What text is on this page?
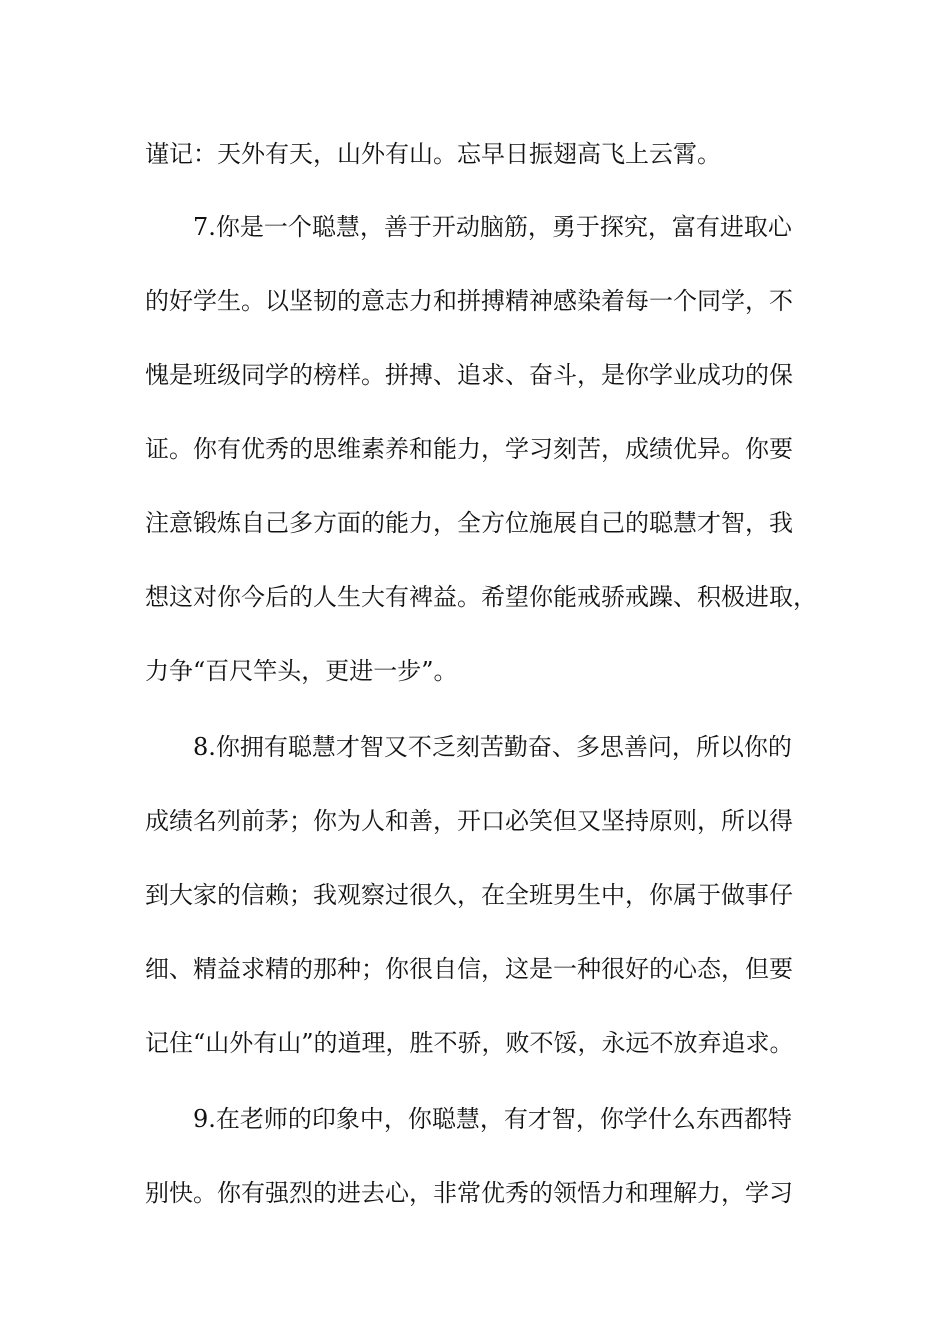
谨记：天外有天，山外有山。忘早日振翅高飞上云霄。
7.你是一个聪慧，善于开动脑筋，勇于探究，富有进取心
的好学生。以坚韧的意志力和拼搏精神感染着每一个同学，不
愧是班级同学的榜样。拼搏、追求、奋斗，是你学业成功的保
证。你有优秀的思维素养和能力，学习刻苦，成绩优异。你要
注意锻炼自己多方面的能力，全方位施展自己的聪慧才智，我
想这对你今后的人生大有裨益。希望你能戒骄戒躁、积极进取，
力争“百尺竿头，更进一步”。
8.你拥有聪慧才智又不乏刻苦勤奋、多思善问，所以你的
成绩名列前茅；你为人和善，开口必笑但又坚持原则，所以得
到大家的信赖；我观察过很久，在全班男生中，你属于做事仔
细、精益求精的那种；你很自信，这是一种很好的心态，但要
记住“山外有山”的道理，胜不骄，败不馁，永远不放弃追求。
9.在老师的印象中，你聪慧，有才智，你学什么东西都特
别快。你有强烈的进去心，非常优秀的领悟力和理解力，学习
